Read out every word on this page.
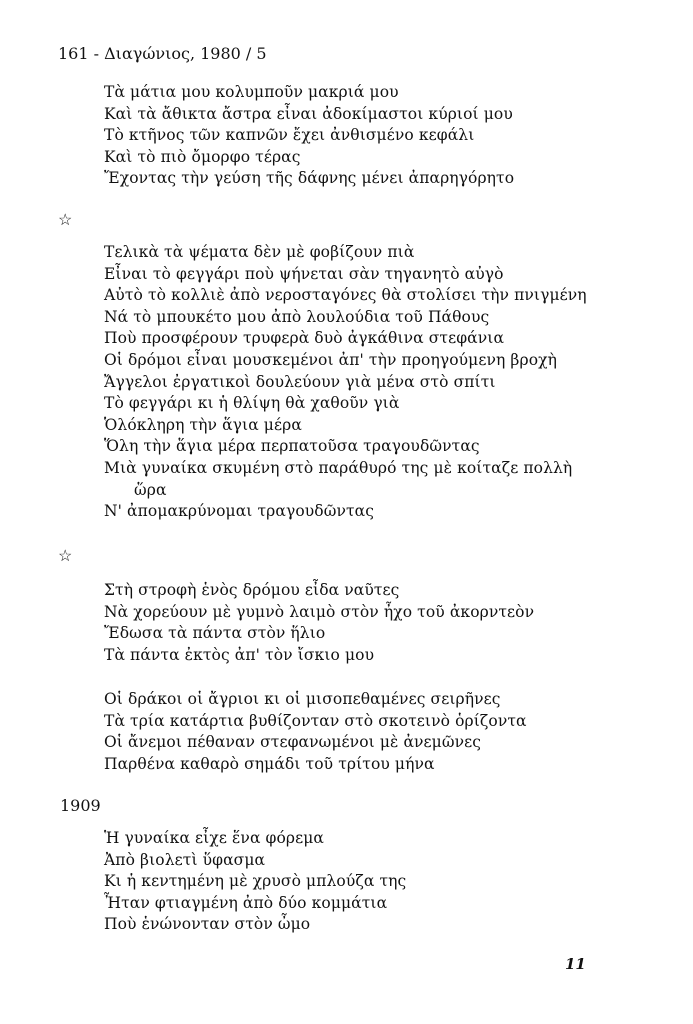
161 - Διαγώνιος, 1980 / 5
Τὰ μάτια μου κολυμποῦν μακριά μου
Καὶ τὰ ἄθικτα ἄστρα εἶναι ἀδοκίμαστοι κύριοί μου
Τὸ κτῆνος τῶν καπνῶν ἔχει ἀνθισμένο κεφάλι
Καὶ τὸ πιὸ ὄμορφο τέρας
Ἔχοντας τὴν γεύση τῆς δάφνης μένει ἀπαρηγόρητο
☆
Τελικὰ τὰ ψέματα δὲν μὲ φοβίζουν πιὰ
Εἶναι τὸ φεγγάρι ποὺ ψήνεται σὰν τηγανητὸ αὐγὸ
Αὐτὸ τὸ κολλιὲ ἀπὸ νεροσταγόνες θὰ στολίσει τὴν πνιγμένη
Νά τὸ μπουκέτο μου ἀπὸ λουλούδια τοῦ Πάθους
Ποὺ προσφέρουν τρυφερὰ δυὸ ἀγκάθινα στεφάνια
Οἱ δρόμοι εἶναι μουσκεμένοι ἀπ' τὴν προηγούμενη βροχὴ
Ἄγγελοι ἐργατικοὶ δουλεύουν γιὰ μένα στὸ σπίτι
Τὸ φεγγάρι κι ἡ θλίψη θὰ χαθοῦν γιὰ
Ὁλόκληρη τὴν ἅγια μέρα
Ὅλη τὴν ἅγια μέρα περπατοῦσα τραγουδῶντας
Μιὰ γυναίκα σκυμένη στὸ παράθυρό της μὲ κοίταζε πολλὴ
ὥρα
Ν' ἀπομακρύνομαι τραγουδῶντας
☆
Στὴ στροφὴ ἑνὸς δρόμου εἶδα ναῦτες
Νὰ χορεύουν μὲ γυμνὸ λαιμὸ στὸν ἦχο τοῦ ἀκορντεὸν
Ἔδωσα τὰ πάντα στὸν ἥλιο
Τὰ πάντα ἐκτὸς ἀπ' τὸν ἴσκιο μου
Οἱ δράκοι οἱ ἄγριοι κι οἱ μισοπεθαμένες σειρῆνες
Τὰ τρία κατάρτια βυθίζονταν στὸ σκοτεινὸ ὁρίζοντα
Οἱ ἄνεμοι πέθαναν στεφανωμένοι μὲ ἀνεμῶνες
Παρθένα καθαρὸ σημάδι τοῦ τρίτου μήνα
1909
Ἡ γυναίκα εἶχε ἕνα φόρεμα
Ἀπὸ βιολετὶ ὕφασμα
Κι ἡ κεντημένη μὲ χρυσὸ μπλούζα της
Ἦταν φτιαγμένη ἀπὸ δύο κομμάτια
Ποὺ ἑνώνονταν στὸν ὦμο
11
